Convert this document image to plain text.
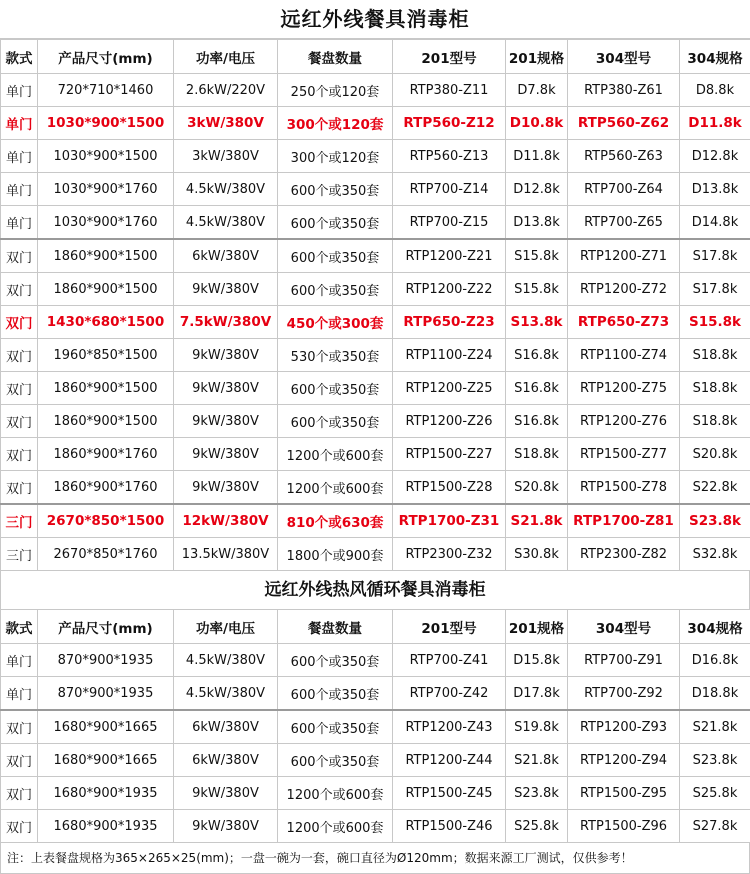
远红外线餐具消毒柜
款式	产品尺寸(mm)	功率/电压	餐盘数量	201型号	201规格	304型号	304规格
单门	720*710*1460	2.6kW/220V	250个或120套	RTP380-Z11	D7.8k	RTP380-Z61	D8.8k
单门	1030*900*1500	3kW/380V	300个或120套	RTP560-Z12	D10.8k	RTP560-Z62	D11.8k
单门	1030*900*1500	3kW/380V	300个或120套	RTP560-Z13	D11.8k	RTP560-Z63	D12.8k
单门	1030*900*1760	4.5kW/380V	600个或350套	RTP700-Z14	D12.8k	RTP700-Z64	D13.8k
单门	1030*900*1760	4.5kW/380V	600个或350套	RTP700-Z15	D13.8k	RTP700-Z65	D14.8k
双门	1860*900*1500	6kW/380V	600个或350套	RTP1200-Z21	S15.8k	RTP1200-Z71	S17.8k
双门	1860*900*1500	9kW/380V	600个或350套	RTP1200-Z22	S15.8k	RTP1200-Z72	S17.8k
双门	1430*680*1500	7.5kW/380V	450个或300套	RTP650-Z23	S13.8k	RTP650-Z73	S15.8k
双门	1960*850*1500	9kW/380V	530个或350套	RTP1100-Z24	S16.8k	RTP1100-Z74	S18.8k
双门	1860*900*1500	9kW/380V	600个或350套	RTP1200-Z25	S16.8k	RTP1200-Z75	S18.8k
双门	1860*900*1500	9kW/380V	600个或350套	RTP1200-Z26	S16.8k	RTP1200-Z76	S18.8k
双门	1860*900*1760	9kW/380V	1200个或600套	RTP1500-Z27	S18.8k	RTP1500-Z77	S20.8k
双门	1860*900*1760	9kW/380V	1200个或600套	RTP1500-Z28	S20.8k	RTP1500-Z78	S22.8k
三门	2670*850*1500	12kW/380V	810个或630套	RTP1700-Z31	S21.8k	RTP1700-Z81	S23.8k
三门	2670*850*1760	13.5kW/380V	1800个或900套	RTP2300-Z32	S30.8k	RTP2300-Z82	S32.8k
远红外线热风循环餐具消毒柜
款式	产品尺寸(mm)	功率/电压	餐盘数量	201型号	201规格	304型号	304规格
单门	870*900*1935	4.5kW/380V	600个或350套	RTP700-Z41	D15.8k	RTP700-Z91	D16.8k
单门	870*900*1935	4.5kW/380V	600个或350套	RTP700-Z42	D17.8k	RTP700-Z92	D18.8k
双门	1680*900*1665	6kW/380V	600个或350套	RTP1200-Z43	S19.8k	RTP1200-Z93	S21.8k
双门	1680*900*1665	6kW/380V	600个或350套	RTP1200-Z44	S21.8k	RTP1200-Z94	S23.8k
双门	1680*900*1935	9kW/380V	1200个或600套	RTP1500-Z45	S23.8k	RTP1500-Z95	S25.8k
双门	1680*900*1935	9kW/380V	1200个或600套	RTP1500-Z46	S25.8k	RTP1500-Z96	S27.8k
注：上表餐盘规格为365×265×25(mm)；一盘一碗为一套，碗口直径为Ø120mm；数据来源工厂测试，仅供参考！
